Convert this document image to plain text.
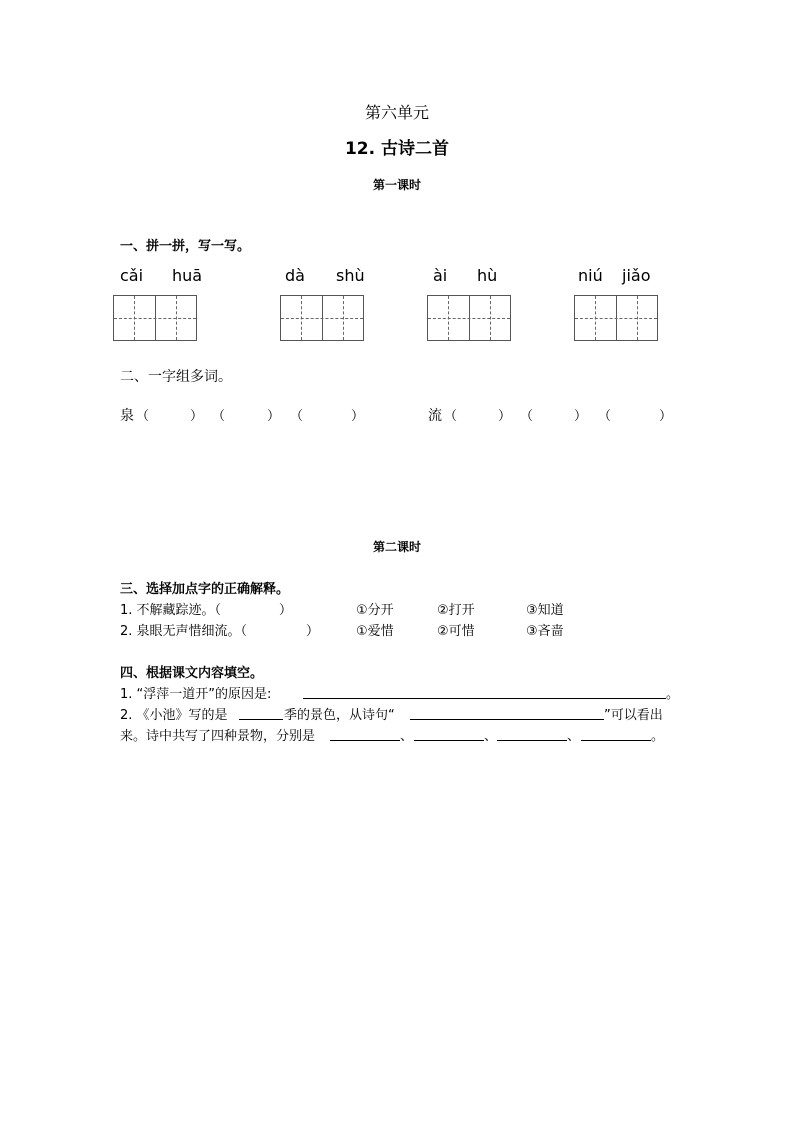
第六单元
12. 古诗二首
第一课时
一、拼一拼，写一写。
cǎi huā	dà shù	ài hù	niú jiǎo
二、一字组多词。
泉 （	） （	） （	）	流 （	） （	） （	）
第二课时
三、选择加点字的正确解释。
1. 不解藏踪迹。（	）	①分开	②打开	③知道
2. 泉眼无声惜细流。（	）	①爱惜	②可惜	③吝啬
四、根据课文内容填空。
1. “浮萍一道开”的原因是:	。
2. 《小池》写的是	季的景色，从诗句“	”可以看出
来。诗中共写了四种景物，分别是	、	、	、	。
